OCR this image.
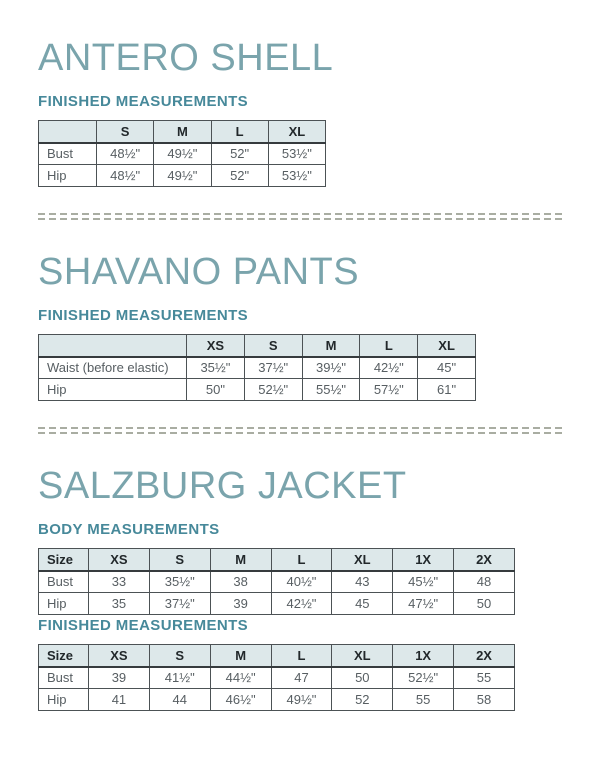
ANTERO SHELL
FINISHED MEASUREMENTS
	S	M	L	XL
Bust	48½"	49½"	52"	53½"
Hip	48½"	49½"	52"	53½"
SHAVANO PANTS
FINISHED MEASUREMENTS
	XS	S	M	L	XL
Waist (before elastic)	35½"	37½"	39½"	42½"	45"
Hip	50"	52½"	55½"	57½"	61"
SALZBURG JACKET
BODY MEASUREMENTS
Size	XS	S	M	L	XL	1X	2X
Bust	33	35½"	38	40½"	43	45½"	48
Hip	35	37½"	39	42½"	45	47½"	50
FINISHED MEASUREMENTS
Size	XS	S	M	L	XL	1X	2X
Bust	39	41½"	44½"	47	50	52½"	55
Hip	41	44	46½"	49½"	52	55	58
